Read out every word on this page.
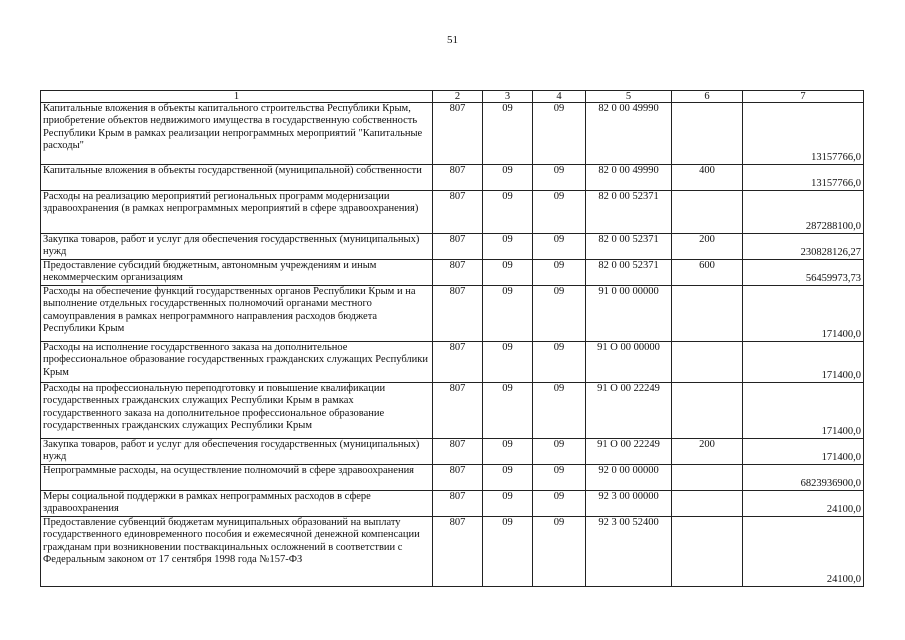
51
1	2	3	4	5	6	7
Капитальные вложения в объекты капитального строительства Республики Крым, приобретение объектов недвижимого имущества в государственную собственность Республики Крым в рамках реализации непрограммных мероприятий "Капитальные расходы"	807	09	09	82 0 00 49990		13157766,0
Капитальные вложения в объекты государственной (муниципальной) собственности	807	09	09	82 0 00 49990	400	13157766,0
Расходы на реализацию мероприятий региональных программ модернизации здравоохранения (в рамках непрограммных мероприятий в сфере здравоохранения)	807	09	09	82 0 00 52371		287288100,0
Закупка товаров, работ и услуг для обеспечения государственных (муниципальных) нужд	807	09	09	82 0 00 52371	200	230828126,27
Предоставление субсидий бюджетным, автономным учреждениям и иным некоммерческим организациям	807	09	09	82 0 00 52371	600	56459973,73
Расходы на обеспечение функций государственных органов Республики Крым и на выполнение отдельных государственных полномочий органами местного самоуправления в рамках непрограммного направления расходов бюджета Республики Крым	807	09	09	91 0 00 00000		171400,0
Расходы на исполнение государственного заказа на дополнительное профессиональное образование государственных гражданских служащих Республики Крым	807	09	09	91 О 00 00000		171400,0
Расходы на профессиональную переподготовку и повышение квалификации государственных гражданских служащих Республики Крым в рамках государственного заказа на дополнительное профессиональное образование государственных гражданских служащих Республики Крым	807	09	09	91 О 00 22249		171400,0
Закупка товаров, работ и услуг для обеспечения государственных (муниципальных) нужд	807	09	09	91 О 00 22249	200	171400,0
Непрограммные расходы, на осуществление полномочий в сфере здравоохранения	807	09	09	92 0 00 00000		6823936900,0
Меры социальной поддержки в рамках непрограммных расходов в сфере здравоохранения	807	09	09	92 3 00 00000		24100,0
Предоставление субвенций бюджетам муниципальных образований на выплату государственного единовременного пособия и ежемесячной денежной компенсации гражданам при возникновении поствакцинальных осложнений в соответствии с Федеральным законом от 17 сентября 1998 года №157-ФЗ	807	09	09	92 3 00 52400		24100,0
